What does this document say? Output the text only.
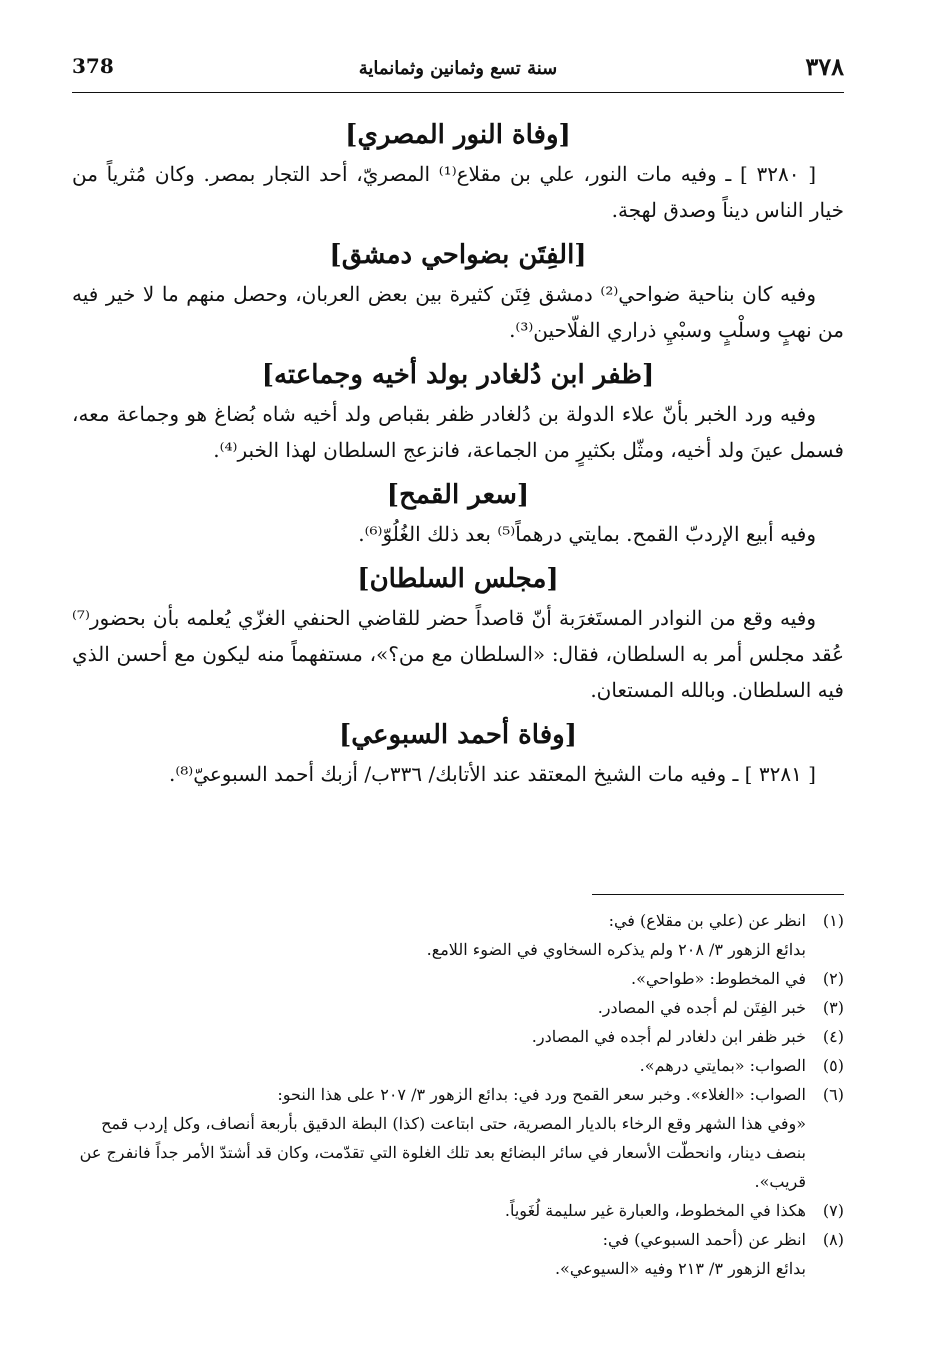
378	سنة تسع وثمانين وثمانماية	٣٧٨
[وفاة النور المصري]

[ ٣٢٨٠ ] ـ وفيه مات النور، علي بن مقلاع⁽¹⁾ المصريّ، أحد التجار بمصر. وكان مُثرياً من خيار الناس ديناً وصدق لهجة.

[الفِتَن بضواحي دمشق]

وفيه كان بناحية ضواحي⁽²⁾ دمشق فِتَن كثيرة بين بعض العربان، وحصل منهم ما لا خير فيه من نهبٍ وسلْبٍ وسبْيِ ذراري الفلّاحين⁽³⁾.

[ظفر ابن دُلغادر بولد أخيه وجماعته]

وفيه ورد الخبر بأنّ علاء الدولة بن دُلغادر ظفر بقباص ولد أخيه شاه بُضاغ هو وجماعة معه، فسمل عينَ ولد أخيه، ومثّل بكثيرٍ من الجماعة، فانزعج السلطان لهذا الخبر⁽⁴⁾.

[سعر القمح]

وفيه أبيع الإردبّ القمح. بمايتي درهماً⁽⁵⁾ بعد ذلك الغُلُوّ⁽⁶⁾.

[مجلس السلطان]

وفيه وقع من النوادر المستَغرَبة أنّ قاصداً حضر للقاضي الحنفي الغزّي يُعلمه بأن بحضور⁽⁷⁾ عُقد مجلس أمر به السلطان، فقال: «السلطان مع من؟»، مستفهماً منه ليكون مع أحسن الذي فيه السلطان. وبالله المستعان.

[وفاة أحمد السبوعي]

[ ٣٢٨١ ] ـ وفيه مات الشيخ المعتقد عند الأتابك/ ٣٣٦ب/ أزبك أحمد السبوعيّ⁽⁸⁾.

(١)
انظر عن (علي بن مقلاع) في:
بدائع الزهور ٣/ ٢٠٨ ولم يذكره السخاوي في الضوء اللامع.
(٢)
في المخطوط: «طواحي».
(٣)
خبر الفِتَن لم أجده في المصادر.
(٤)
خبر ظفر ابن دلغادر لم أجده في المصادر.
(٥)
الصواب: «بمايتي درهم».
(٦)
الصواب: «الغلاء». وخبر سعر القمح ورد في: بدائع الزهور ٣/ ٢٠٧ على هذا النحو:
«وفي هذا الشهر وقع الرخاء بالديار المصرية، حتى ابتاعت (كذا) البطة الدقيق بأربعة أنصاف، وكل إردب قمح بنصف دينار، وانحطّت الأسعار في سائر البضائع بعد تلك الغلوة التي تقدّمت، وكان قد أشتدّ الأمر جداً فانفرج عن قريب».
(٧)
هكذا في المخطوط، والعبارة غير سليمة لُغَوياً.
(٨)
انظر عن (أحمد السبوعي) في:
بدائع الزهور ٣/ ٢١٣ وفيه «السيوعي».
